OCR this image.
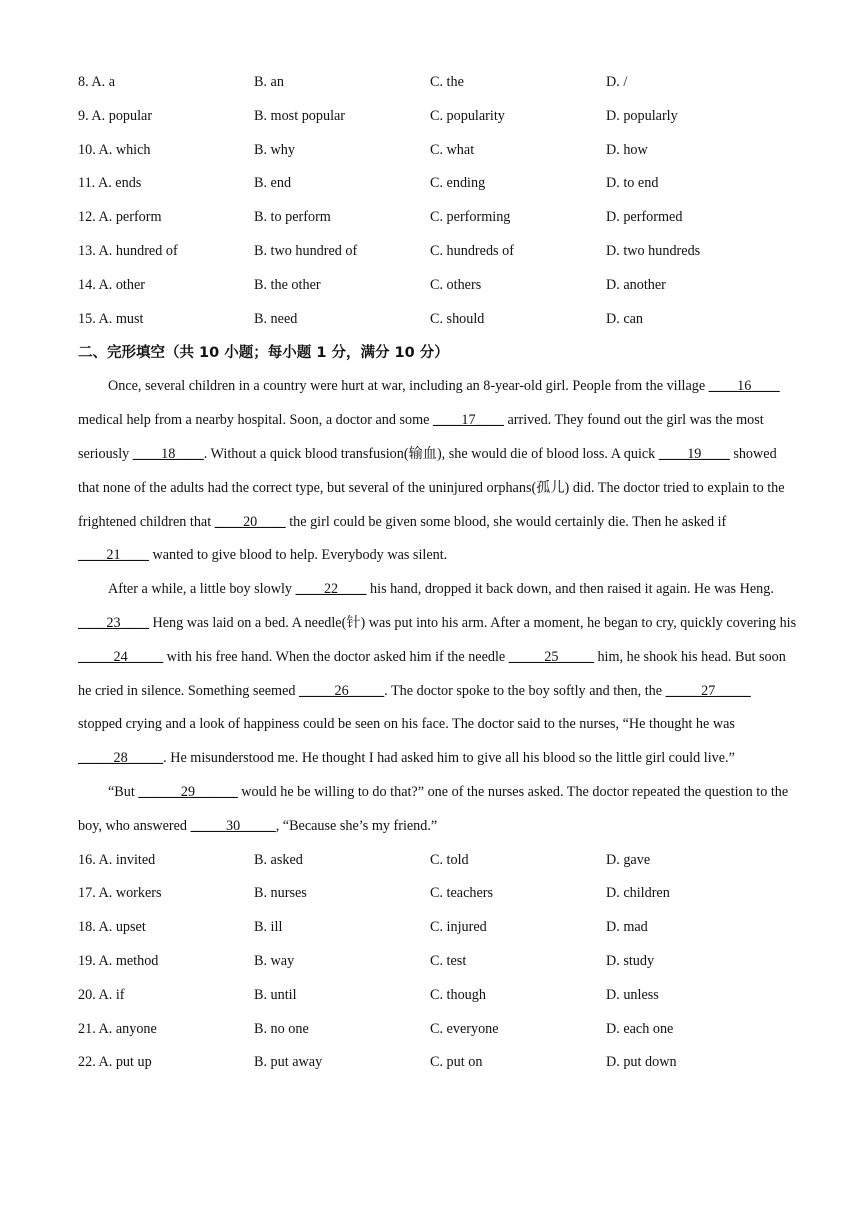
8. A. a	B. an	C. the	D. /
9. A. popular	B. most popular	C. popularity	D. popularly
10. A. which	B. why	C. what	D. how
11. A. ends	B. end	C. ending	D. to end
12. A. perform	B. to perform	C. performing	D. performed
13. A. hundred of	B. two hundred of	C. hundreds of	D. two hundreds
14. A. other	B. the other	C. others	D. another
15. A. must	B. need	C. should	D. can
二、完形填空（共 10 小题；每小题 1 分，满分 10 分）

Once, several children in a country were hurt at war, including an 8-year-old girl. People from the village ____16____ medical help from a nearby hospital. Soon, a doctor and some ____17____ arrived. They found out the girl was the most seriously ____18____. Without a quick blood transfusion(输血), she would die of blood loss. A quick ____19____ showed that none of the adults had the correct type, but several of the uninjured orphans(孤儿) did. The doctor tried to explain to the frightened children that ____20____ the girl could be given some blood, she would certainly die. Then he asked if ____21____ wanted to give blood to help. Everybody was silent.

After a while, a little boy slowly ____22____ his hand, dropped it back down, and then raised it again. He was Heng. ____23____ Heng was laid on a bed. A needle(针) was put into his arm. After a moment, he began to cry, quickly covering his _____24_____ with his free hand. When the doctor asked him if the needle _____25_____ him, he shook his head. But soon he cried in silence. Something seemed _____26_____. The doctor spoke to the boy softly and then, the _____27_____ stopped crying and a look of happiness could be seen on his face. The doctor said to the nurses, “He thought he was _____28_____. He misunderstood me. He thought I had asked him to give all his blood so the little girl could live.”

“But ______29______ would he be willing to do that?” one of the nurses asked. The doctor repeated the question to the boy, who answered _____30_____, “Because she’s my friend.”

16. A. invited	B. asked	C. told	D. gave
17. A. workers	B. nurses	C. teachers	D. children
18. A. upset	B. ill	C. injured	D. mad
19. A. method	B. way	C. test	D. study
20. A. if	B. until	C. though	D. unless
21. A. anyone	B. no one	C. everyone	D. each one
22. A. put up	B. put away	C. put on	D. put down
